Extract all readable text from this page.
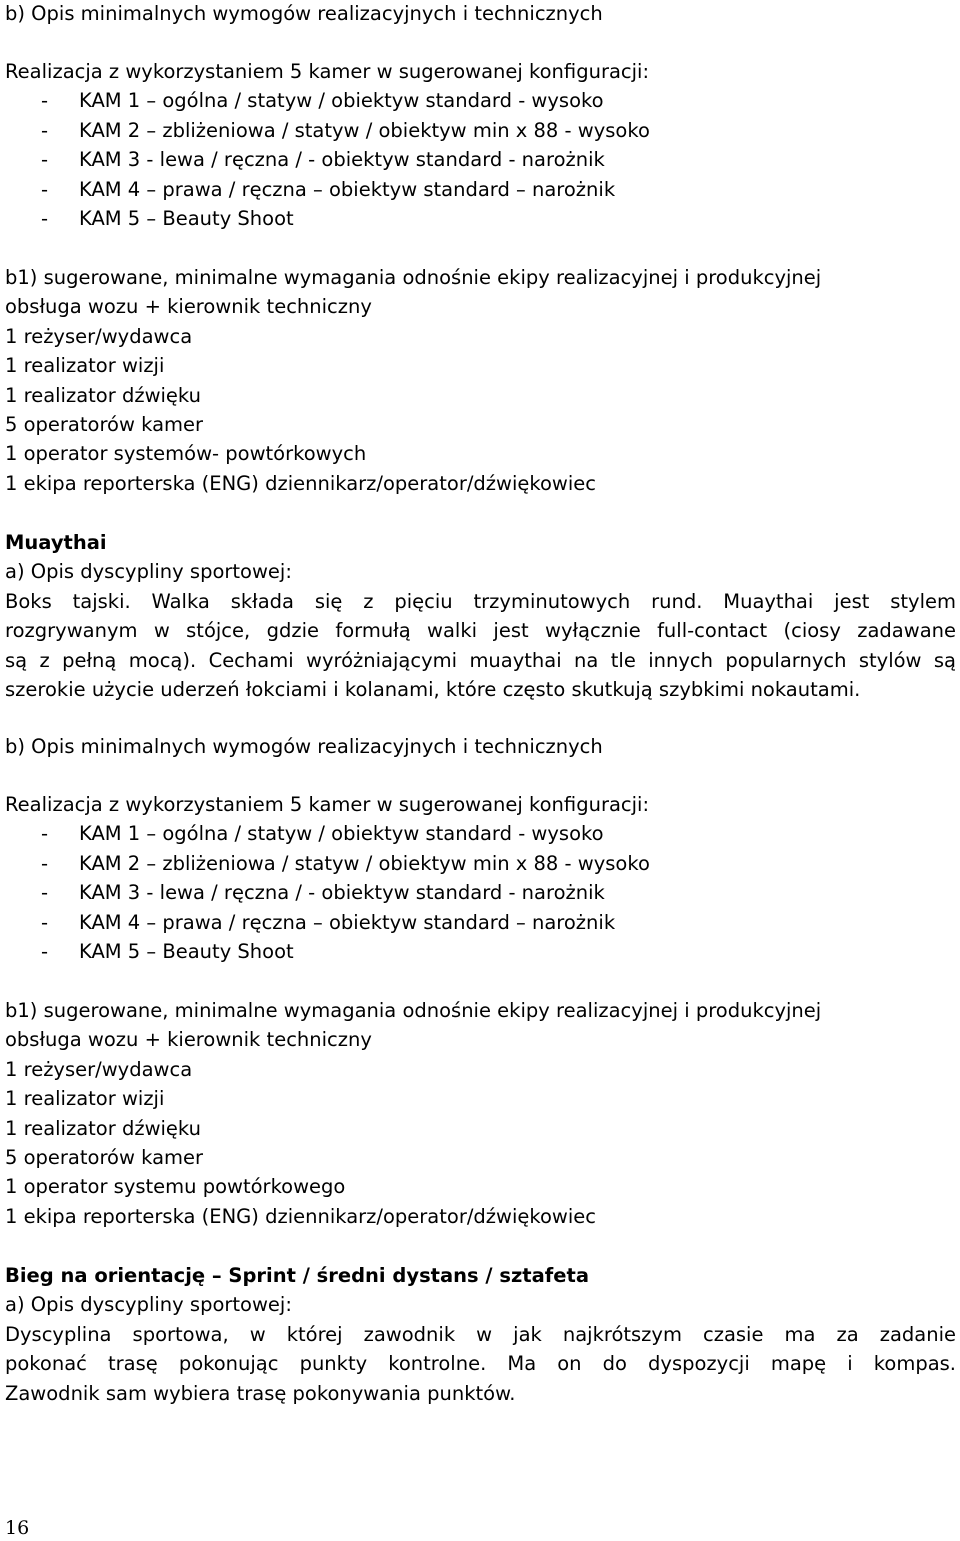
b) Opis minimalnych wymogów realizacyjnych i technicznych
Realizacja z wykorzystaniem 5 kamer w sugerowanej konfiguracji:
- KAM 1 – ogólna / statyw / obiektyw standard - wysoko
- KAM 2 – zbliżeniowa / statyw / obiektyw min x 88 - wysoko
- KAM 3 - lewa / ręczna / - obiektyw standard - narożnik
- KAM 4 – prawa / ręczna – obiektyw standard – narożnik
- KAM 5 – Beauty Shoot
b1) sugerowane, minimalne wymagania odnośnie ekipy realizacyjnej i produkcyjnej
obsługa wozu + kierownik techniczny
1 reżyser/wydawca
1 realizator wizji
1 realizator dźwięku
5 operatorów kamer
1 operator systemów- powtórkowych
1 ekipa reporterska (ENG) dziennikarz/operator/dźwiękowiec
Muaythai
a) Opis dyscypliny sportowej:
Boks tajski. Walka składa się z pięciu trzyminutowych rund. Muaythai jest stylem
rozgrywanym w stójce, gdzie formułą walki jest wyłącznie full-contact (ciosy zadawane
są z pełną mocą). Cechami wyróżniającymi muaythai na tle innych popularnych stylów są
szerokie użycie uderzeń łokciami i kolanami, które często skutkują szybkimi nokautami.
b) Opis minimalnych wymogów realizacyjnych i technicznych
Realizacja z wykorzystaniem 5 kamer w sugerowanej konfiguracji:
- KAM 1 – ogólna / statyw / obiektyw standard - wysoko
- KAM 2 – zbliżeniowa / statyw / obiektyw min x 88 - wysoko
- KAM 3 - lewa / ręczna / - obiektyw standard - narożnik
- KAM 4 – prawa / ręczna – obiektyw standard – narożnik
- KAM 5 – Beauty Shoot
b1) sugerowane, minimalne wymagania odnośnie ekipy realizacyjnej i produkcyjnej
obsługa wozu + kierownik techniczny
1 reżyser/wydawca
1 realizator wizji
1 realizator dźwięku
5 operatorów kamer
1 operator systemu powtórkowego
1 ekipa reporterska (ENG) dziennikarz/operator/dźwiękowiec
Bieg na orientację – Sprint / średni dystans / sztafeta
a) Opis dyscypliny sportowej:
Dyscyplina sportowa, w której zawodnik w jak najkrótszym czasie ma za zadanie
pokonać trasę pokonując punkty kontrolne. Ma on do dyspozycji mapę i kompas.
Zawodnik sam wybiera trasę pokonywania punktów.
16
